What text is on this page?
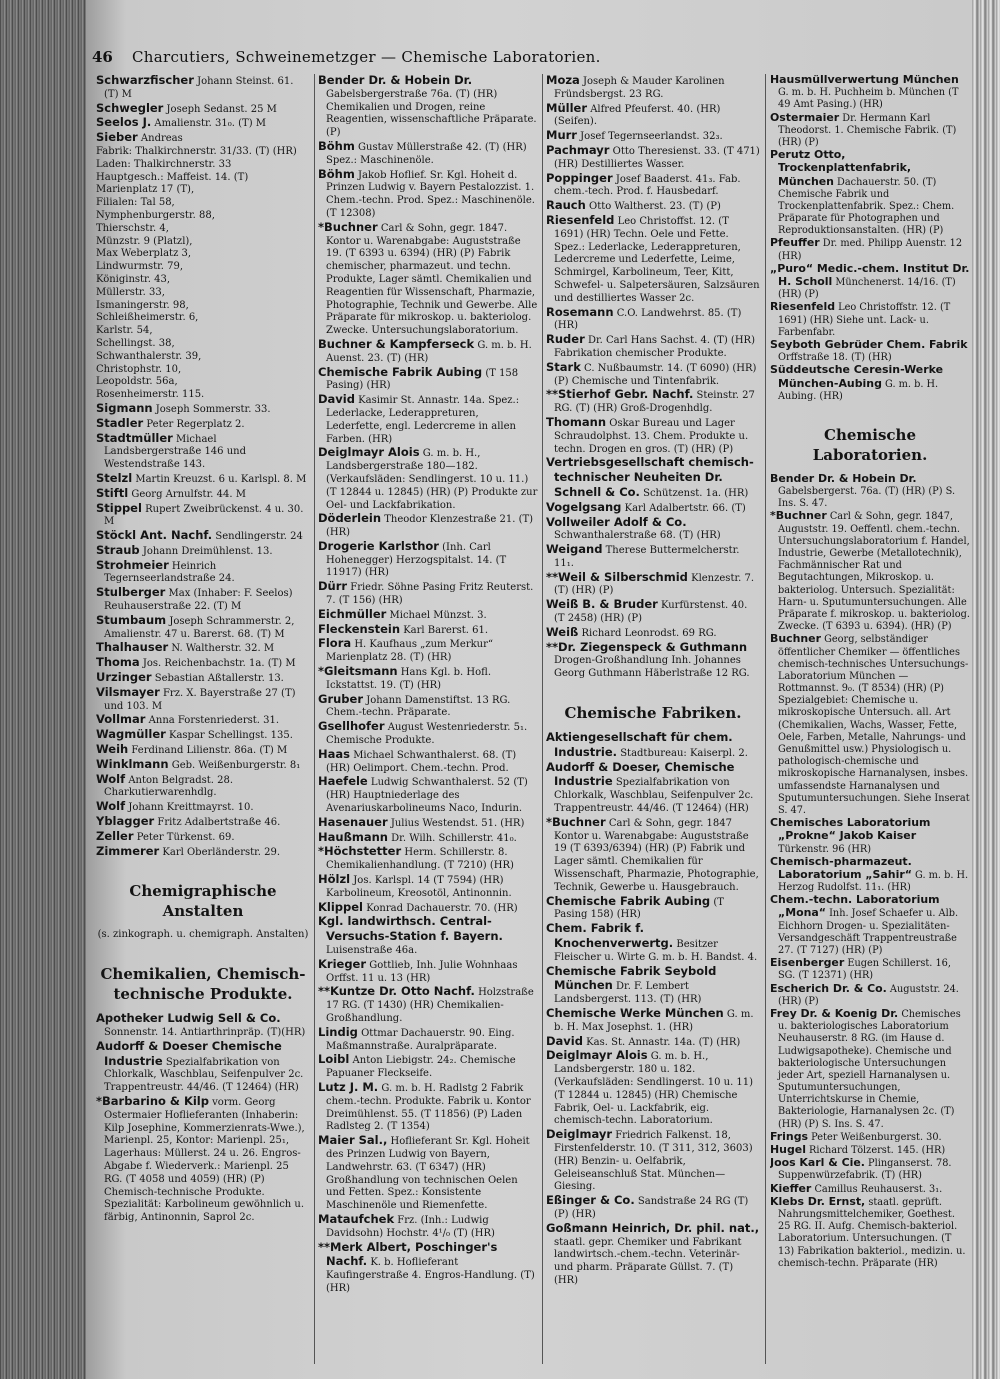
46 Charcutiers, Schweinemetzger — Chemische Laboratorien.
Schwarzfischer Johann Steinst. 61. (T) M
Schwegler Joseph Sedanst. 25 M
Seelos J. Amalienstr. 31₀. (T) M
Sieber Andreas
Fabrik: Thalkirchnerstr. 31/33. (T) (HR)
Laden: Thalkirchnerstr. 33
Hauptgesch.: Maffeist. 14. (T)
Marienplatz 17 (T),
Filialen: Tal 58,
Nymphenburgerstr. 88,
Thierschstr. 4,
Münzstr. 9 (Platzl),
Max Weberplatz 3,
Lindwurmstr. 79,
Königinstr. 43,
Müllerstr. 33,
Ismaningerstr. 98,
Schleißheimerstr. 6,
Karlstr. 54,
Schellingst. 38,
Schwanthalerstr. 39,
Christophstr. 10,
Leopoldstr. 56a,
Rosenheimerstr. 115.
Sigmann Joseph Sommerstr. 33.
Stadler Peter Regerplatz 2.
Stadtmüller Michael Landsbergerstraße 146 und Westendstraße 143.
Stelzl Martin Kreuzst. 6 u. Karlspl. 8. M
Stiftl Georg Arnulfstr. 44. M
Stippel Rupert Zweibrückenst. 4 u. 30. M
Stöckl Ant. Nachf. Sendlingerstr. 24
Straub Johann Dreimühlenst. 13.
Strohmeier Heinrich Tegernseerlandstraße 24.
Stulberger Max (Inhaber: F. Seelos) Reuhauserstraße 22. (T) M
Stumbaum Joseph Schrammerstr. 2, Amalienstr. 47 u. Barerst. 68. (T) M
Thalhauser N. Waltherstr. 32. M
Thoma Jos. Reichenbachstr. 1a. (T) M
Urzinger Sebastian Aßtallerstr. 13.
Vilsmayer Frz. X. Bayerstraße 27 (T) und 103. M
Vollmar Anna Forstenriederst. 31.
Wagmüller Kaspar Schellingst. 135.
Weih Ferdinand Lilienstr. 86a. (T) M
Winklmann Geb. Weißenburgerstr. 8₁
Wolf Anton Belgradst. 28. Charkutierwarenhdlg.
Wolf Johann Kreittmayrst. 10.
Yblagger Fritz Adalbertstraße 46.
Zeller Peter Türkenst. 69.
Zimmerer Karl Oberländerstr. 29.
Chemigraphische Anstalten
(s. zinkograph. u. chemigraph. Anstalten)
Chemikalien, Chemisch-technische Produkte.
Apotheker Ludwig Sell & Co. Sonnenstr. 14. Antiarthrinpräp. (T)(HR)
Audorff & Doeser Chemische Industrie Spezialfabrikation von Chlorkalk, Waschblau, Seifenpulver 2c. Trappentreustr. 44/46. (T 12464) (HR)
*Barbarino & Kilp vorm. Georg Ostermaier Hoflieferanten (Inhaberin: Kilp Josephine, Kommerzienrats-Wwe.), Marienpl. 25, Kontor: Marienpl. 25₁, Lagerhaus: Müllerst. 24 u. 26. Engros-Abgabe f. Wiederverk.: Marienpl. 25 RG. (T 4058 und 4059) (HR) (P) Chemisch-technische Produkte. Spezialität: Karbolineum gewöhnlich u. färbig, Antinonnin, Saprol 2c.
Bender Dr. & Hobein Dr. Gabelsbergerstraße 76a. (T) (HR) Chemikalien und Drogen, reine Reagentien, wissenschaftliche Präparate. (P)
Böhm Gustav Müllerstraße 42. (T) (HR) Spez.: Maschinenöle.
Böhm Jakob Hoflief. Sr. Kgl. Hoheit d. Prinzen Ludwig v. Bayern Pestalozzist. 1. Chem.-techn. Prod. Spez.: Maschinenöle. (T 12308)
*Buchner Carl & Sohn, gegr. 1847. Kontor u. Warenabgabe: Auguststraße 19. (T 6393 u. 6394) (HR) (P) Fabrik chemischer, pharmazeut. und techn. Produkte, Lager sämtl. Chemikalien und Reagentien für Wissenschaft, Pharmazie, Photographie, Technik und Gewerbe. Alle Präparate für mikroskop. u. bakteriolog. Zwecke. Untersuchungslaboratorium.
Buchner & Kampferseck G. m. b. H. Auenst. 23. (T) (HR)
Chemische Fabrik Aubing (T 158 Pasing) (HR)
David Kasimir St. Annastr. 14a. Spez.: Lederlacke, Lederappreturen, Lederfette, engl. Ledercreme in allen Farben. (HR)
Deiglmayr Alois G. m. b. H., Landsbergerstraße 180—182. (Verkaufsläden: Sendlingerst. 10 u. 11.) (T 12844 u. 12845) (HR) (P) Produkte zur Oel- und Lackfabrikation.
Döderlein Theodor Klenzestraße 21. (T) (HR)
Drogerie Karlsthor (Inh. Carl Hohenegger) Herzogspitalst. 14. (T 11917) (HR)
Dürr Friedr. Söhne Pasing Fritz Reuterst. 7. (T 156) (HR)
Eichmüller Michael Münzst. 3.
Fleckenstein Karl Barerst. 61.
Flora H. Kaufhaus „zum Merkur“ Marienplatz 28. (T) (HR)
*Gleitsmann Hans Kgl. b. Hofl. Ickstattst. 19. (T) (HR)
Gruber Johann Damenstiftst. 13 RG. Chem.-techn. Präparate.
Gsellhofer August Westenriederstr. 5₁. Chemische Produkte.
Haas Michael Schwanthalerst. 68. (T) (HR) Oelimport. Chem.-techn. Prod.
Haefele Ludwig Schwanthalerst. 52 (T) (HR) Hauptniederlage des Avenariuskarbolineums Naco, Indurin.
Hasenauer Julius Westendst. 51. (HR)
Haußmann Dr. Wilh. Schillerstr. 41₀.
*Höchstetter Herm. Schillerstr. 8. Chemikalienhandlung. (T 7210) (HR)
Hölzl Jos. Karlspl. 14 (T 7594) (HR) Karbolineum, Kreosotöl, Antinonnin.
Klippel Konrad Dachauerstr. 70. (HR)
Kgl. landwirthsch. Central-Versuchs-Station f. Bayern. Luisenstraße 46a.
Krieger Gottlieb, Inh. Julie Wohnhaas Orffst. 11 u. 13 (HR)
**Kuntze Dr. Otto Nachf. Holzstraße 17 RG. (T 1430) (HR) Chemikalien-Großhandlung.
Lindig Ottmar Dachauerstr. 90. Eing. Maßmannstraße. Auralpräparate.
Loibl Anton Liebigstr. 24₂. Chemische Papuaner Fleckseife.
Lutz J. M. G. m. b. H. Radlstg 2 Fabrik chem.-techn. Produkte. Fabrik u. Kontor Dreimühlenst. 55. (T 11856) (P) Laden Radlsteg 2. (T 1354)
Maier Sal., Hoflieferant Sr. Kgl. Hoheit des Prinzen Ludwig von Bayern, Landwehrstr. 63. (T 6347) (HR) Großhandlung von technischen Oelen und Fetten. Spez.: Konsistente Maschinenöle und Riemenfette.
Mataufchek Frz. (Inh.: Ludwig Davidsohn) Hochstr. 4¹/₀ (T) (HR)
**Merk Albert, Poschinger's Nachf. K. b. Hoflieferant Kaufingerstraße 4. Engros-Handlung. (T) (HR)
Moza Joseph & Mauder Karolinen Fründsbergst. 23 RG.
Müller Alfred Pfeuferst. 40. (HR) (Seifen).
Murr Josef Tegernseerlandst. 32₃.
Pachmayr Otto Theresienst. 33. (T 471) (HR) Destilliertes Wasser.
Poppinger Josef Baaderst. 41₃. Fab. chem.-tech. Prod. f. Hausbedarf.
Rauch Otto Waltherst. 23. (T) (P)
Riesenfeld Leo Christoffst. 12. (T 1691) (HR) Techn. Oele und Fette. Spez.: Lederlacke, Lederappreturen, Ledercreme und Lederfette, Leime, Schmirgel, Karbolineum, Teer, Kitt, Schwefel- u. Salpetersäuren, Salzsäuren und destilliertes Wasser 2c.
Rosemann C.O. Landwehrst. 85. (T) (HR)
Ruder Dr. Carl Hans Sachst. 4. (T) (HR) Fabrikation chemischer Produkte.
Stark C. Nußbaumstr. 14. (T 6090) (HR) (P) Chemische und Tintenfabrik.
**Stierhof Gebr. Nachf. Steinstr. 27 RG. (T) (HR) Groß-Drogenhdlg.
Thomann Oskar Bureau und Lager Schraudolphst. 13. Chem. Produkte u. techn. Drogen en gros. (T) (HR) (P)
Vertriebsgesellschaft chemisch-technischer Neuheiten Dr. Schnell & Co. Schützenst. 1a. (HR)
Vogelgsang Karl Adalbertstr. 66. (T)
Vollweiler Adolf & Co. Schwanthalerstraße 68. (T) (HR)
Weigand Therese Buttermelcherstr. 11₁.
**Weil & Silberschmid Klenzestr. 7. (T) (HR) (P)
Weiß B. & Bruder Kurfürstenst. 40. (T 2458) (HR) (P)
Weiß Richard Leonrodst. 69 RG.
**Dr. Ziegenspeck & Guthmann Drogen-Großhandlung Inh. Johannes Georg Guthmann Häberlstraße 12 RG.
Chemische Fabriken.
Aktiengesellschaft für chem. Industrie. Stadtbureau: Kaiserpl. 2.
Audorff & Doeser, Chemische Industrie Spezialfabrikation von Chlorkalk, Waschblau, Seifenpulver 2c. Trappentreustr. 44/46. (T 12464) (HR)
*Buchner Carl & Sohn, gegr. 1847 Kontor u. Warenabgabe: Auguststraße 19 (T 6393/6394) (HR) (P) Fabrik und Lager sämtl. Chemikalien für Wissenschaft, Pharmazie, Photographie, Technik, Gewerbe u. Hausgebrauch.
Chemische Fabrik Aubing (T Pasing 158) (HR)
Chem. Fabrik f. Knochenverwertg. Besitzer Fleischer u. Wirte G. m. b. H. Bandst. 4.
Chemische Fabrik Seybold München Dr. F. Lembert Landsbergerst. 113. (T) (HR)
Chemische Werke München G. m. b. H. Max Josephst. 1. (HR)
David Kas. St. Annastr. 14a. (T) (HR)
Deiglmayr Alois G. m. b. H., Landsbergerstr. 180 u. 182. (Verkaufsläden: Sendlingerst. 10 u. 11) (T 12844 u. 12845) (HR) Chemische Fabrik, Oel- u. Lackfabrik, eig. chemisch-techn. Laboratorium.
Deiglmayr Friedrich Falkenst. 18, Firstenfelderstr. 10. (T 311, 312, 3603) (HR) Benzin- u. Oelfabrik, Geleiseanschluß Stat. München—Giesing.
Eßinger & Co. Sandstraße 24 RG (T) (P) (HR)
Goßmann Heinrich, Dr. phil. nat., staatl. gepr. Chemiker und Fabrikant landwirtsch.-chem.-techn. Veterinär- und pharm. Präparate Güllst. 7. (T) (HR)
Hausmüllverwertung München G. m. b. H. Puchheim b. München (T 49 Amt Pasing.) (HR)
Ostermaier Dr. Hermann Karl Theodorst. 1. Chemische Fabrik. (T) (HR) (P)
Perutz Otto, Trockenplattenfabrik, München Dachauerstr. 50. (T) Chemische Fabrik und Trockenplattenfabrik. Spez.: Chem. Präparate für Photographen und Reproduktionsanstalten. (HR) (P)
Pfeuffer Dr. med. Philipp Auenstr. 12 (HR)
„Puro“ Medic.-chem. Institut Dr. H. Scholl Münchenerst. 14/16. (T) (HR) (P)
Riesenfeld Leo Christoffstr. 12. (T 1691) (HR) Siehe unt. Lack- u. Farbenfabr.
Seyboth Gebrüder Chem. Fabrik Orffstraße 18. (T) (HR)
Süddeutsche Ceresin-Werke München-Aubing G. m. b. H. Aubing. (HR)
Chemische Laboratorien.
Bender Dr. & Hobein Dr. Gabelsbergerst. 76a. (T) (HR) (P) S. Ins. S. 47.
*Buchner Carl & Sohn, gegr. 1847, Auguststr. 19. Oeffentl. chem.-techn. Untersuchungslaboratorium f. Handel, Industrie, Gewerbe (Metallotechnik), Fachmännischer Rat und Begutachtungen, Mikroskop. u. bakteriolog. Untersuch. Spezialität: Harn- u. Sputumuntersuchungen. Alle Präparate f. mikroskop. u. bakteriolog. Zwecke. (T 6393 u. 6394). (HR) (P)
Buchner Georg, selbständiger öffentlicher Chemiker — öffentliches chemisch-technisches Untersuchungs-Laboratorium München — Rottmannst. 9₀. (T 8534) (HR) (P) Spezialgebiet: Chemische u. mikroskopische Untersuch. all. Art (Chemikalien, Wachs, Wasser, Fette, Oele, Farben, Metalle, Nahrungs- und Genußmittel usw.) Physiologisch u. pathologisch-chemische und mikroskopische Harnanalysen, insbes. umfassendste Harnanalysen und Sputumuntersuchungen. Siehe Inserat S. 47.
Chemisches Laboratorium „Prokne“ Jakob Kaiser Türkenstr. 96 (HR)
Chemisch-pharmazeut. Laboratorium „Sahir“ G. m. b. H. Herzog Rudolfst. 11₁. (HR)
Chem.-techn. Laboratorium „Mona“ Inh. Josef Schaefer u. Alb. Eichhorn Drogen- u. Spezialitäten-Versandgeschäft Trappentreustraße 27. (T 7127) (HR) (P)
Eisenberger Eugen Schillerst. 16, SG. (T 12371) (HR)
Escherich Dr. & Co. Auguststr. 24. (HR) (P)
Frey Dr. & Koenig Dr. Chemisches u. bakteriologisches Laboratorium Neuhauserstr. 8 RG. (im Hause d. Ludwigsapotheke). Chemische und bakteriologische Untersuchungen jeder Art, speziell Harnanalysen u. Sputumuntersuchungen, Unterrichtskurse in Chemie, Bakteriologie, Harnanalysen 2c. (T) (HR) (P) S. Ins. S. 47.
Frings Peter Weißenburgerst. 30.
Hugel Richard Tölzerst. 145. (HR)
Joos Karl & Cie. Plinganserst. 78. Suppenwürzefabrik. (T) (HR)
Kieffer Camillus Reuhauserst. 3₁.
Klebs Dr. Ernst, staatl. geprüft. Nahrungsmittelchemiker, Goethest. 25 RG. II. Aufg. Chemisch-bakteriol. Laboratorium. Untersuchungen. (T 13) Fabrikation bakteriol., medizin. u. chemisch-techn. Präparate (HR)
